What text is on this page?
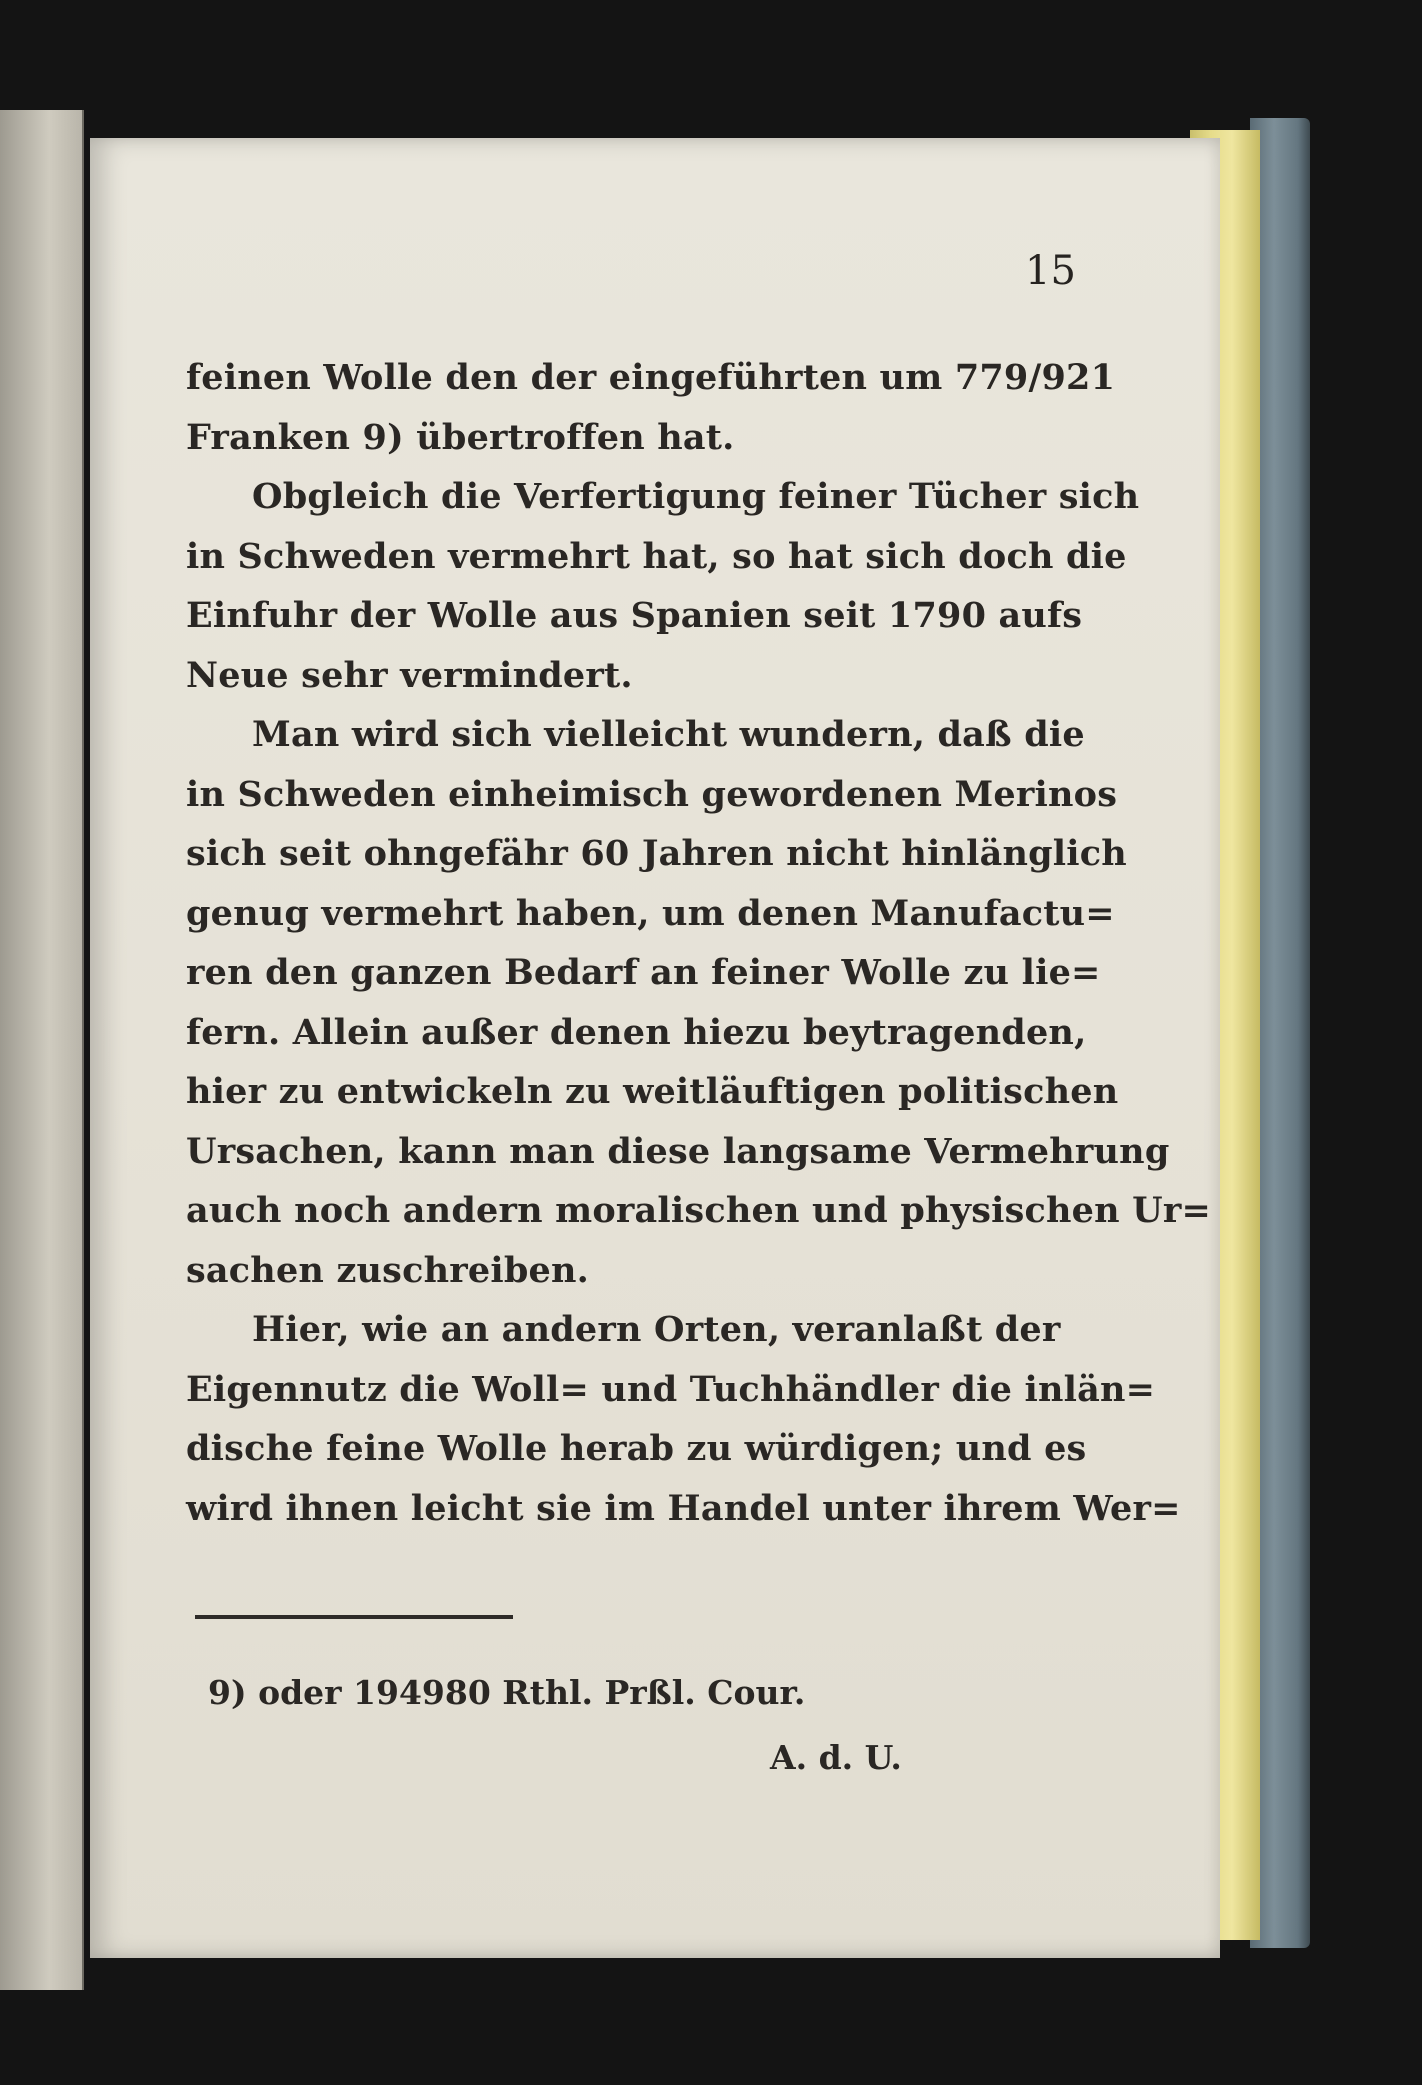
15
feinen Wolle den der eingeführten um 779/921
Franken 9) übertroffen hat.
Obgleich die Verfertigung feiner Tücher sich
in Schweden vermehrt hat, so hat sich doch die
Einfuhr der Wolle aus Spanien seit 1790 aufs
Neue sehr vermindert.
Man wird sich vielleicht wundern, daß die
in Schweden einheimisch gewordenen Merinos
sich seit ohngefähr 60 Jahren nicht hinlänglich
genug vermehrt haben, um denen Manufactu=
ren den ganzen Bedarf an feiner Wolle zu lie=
fern. Allein außer denen hiezu beytragenden,
hier zu entwickeln zu weitläuftigen politischen
Ursachen, kann man diese langsame Vermehrung
auch noch andern moralischen und physischen Ur=
sachen zuschreiben.
Hier, wie an andern Orten, veranlaßt der
Eigennutz die Woll= und Tuchhändler die inlän=
dische feine Wolle herab zu würdigen; und es
wird ihnen leicht sie im Handel unter ihrem Wer=
9) oder 194980 Rthl. Prßl. Cour.
A. d. U.
